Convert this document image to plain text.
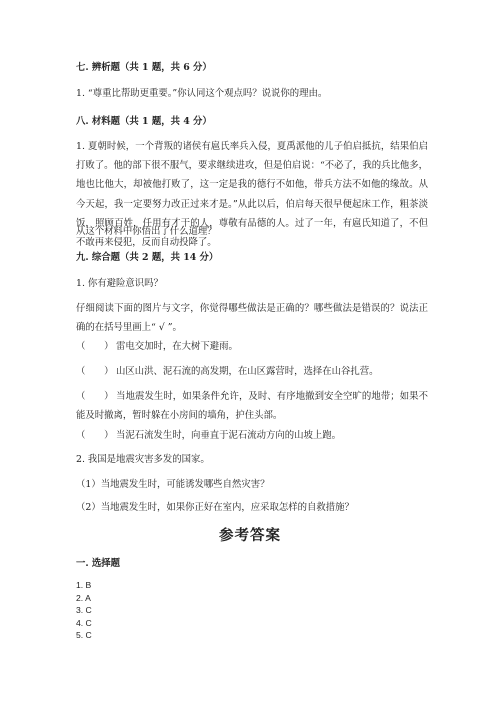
七. 辨析题（共 1 题，共 6 分）
1. “尊重比帮助更重要。”你认同这个观点吗？说说你的理由。
八. 材料题（共 1 题，共 4 分）
1. 夏朝时候，一个背叛的诸侯有扈氏率兵入侵，夏禹派他的儿子伯启抵抗，结果伯启打败了。他的部下很不服气，要求继续进攻，但是伯启说：“不必了，我的兵比他多，地也比他大，却被他打败了，这一定是我的德行不如他，带兵方法不如他的缘故。从今天起，我一定要努力改正过来才是。”从此以后，伯启每天很早便起床工作，粗茶淡饭，照顾百姓，任用有才干的人，尊敬有品德的人。过了一年，有扈氏知道了，不但不敢再来侵犯，反而自动投降了。
从这个材料中你悟出了什么道理？
九. 综合题（共 2 题，共 14 分）
1. 你有避险意识吗？
仔细阅读下面的图片与文字，你觉得哪些做法是正确的？哪些做法是错误的？说法正确的在括号里画上“ √ ”。
（　　） 雷电交加时，在大树下避雨。
（　　） 山区山洪、泥石流的高发期，在山区露营时，选择在山谷扎营。
（　　） 当地震发生时，如果条件允许，及时、有序地撤到安全空旷的地带；如果不能及时撤离，暂时躲在小房间的墙角，护住头部。
（　　） 当泥石流发生时，向垂直于泥石流动方向的山坡上跑。
2. 我国是地震灾害多发的国家。
（1）当地震发生时，可能诱发哪些自然灾害？
（2）当地震发生时，如果你正好在室内，应采取怎样的自救措施？
参考答案
一. 选择题
1. B
2. A
3. C
4. C
5. C
